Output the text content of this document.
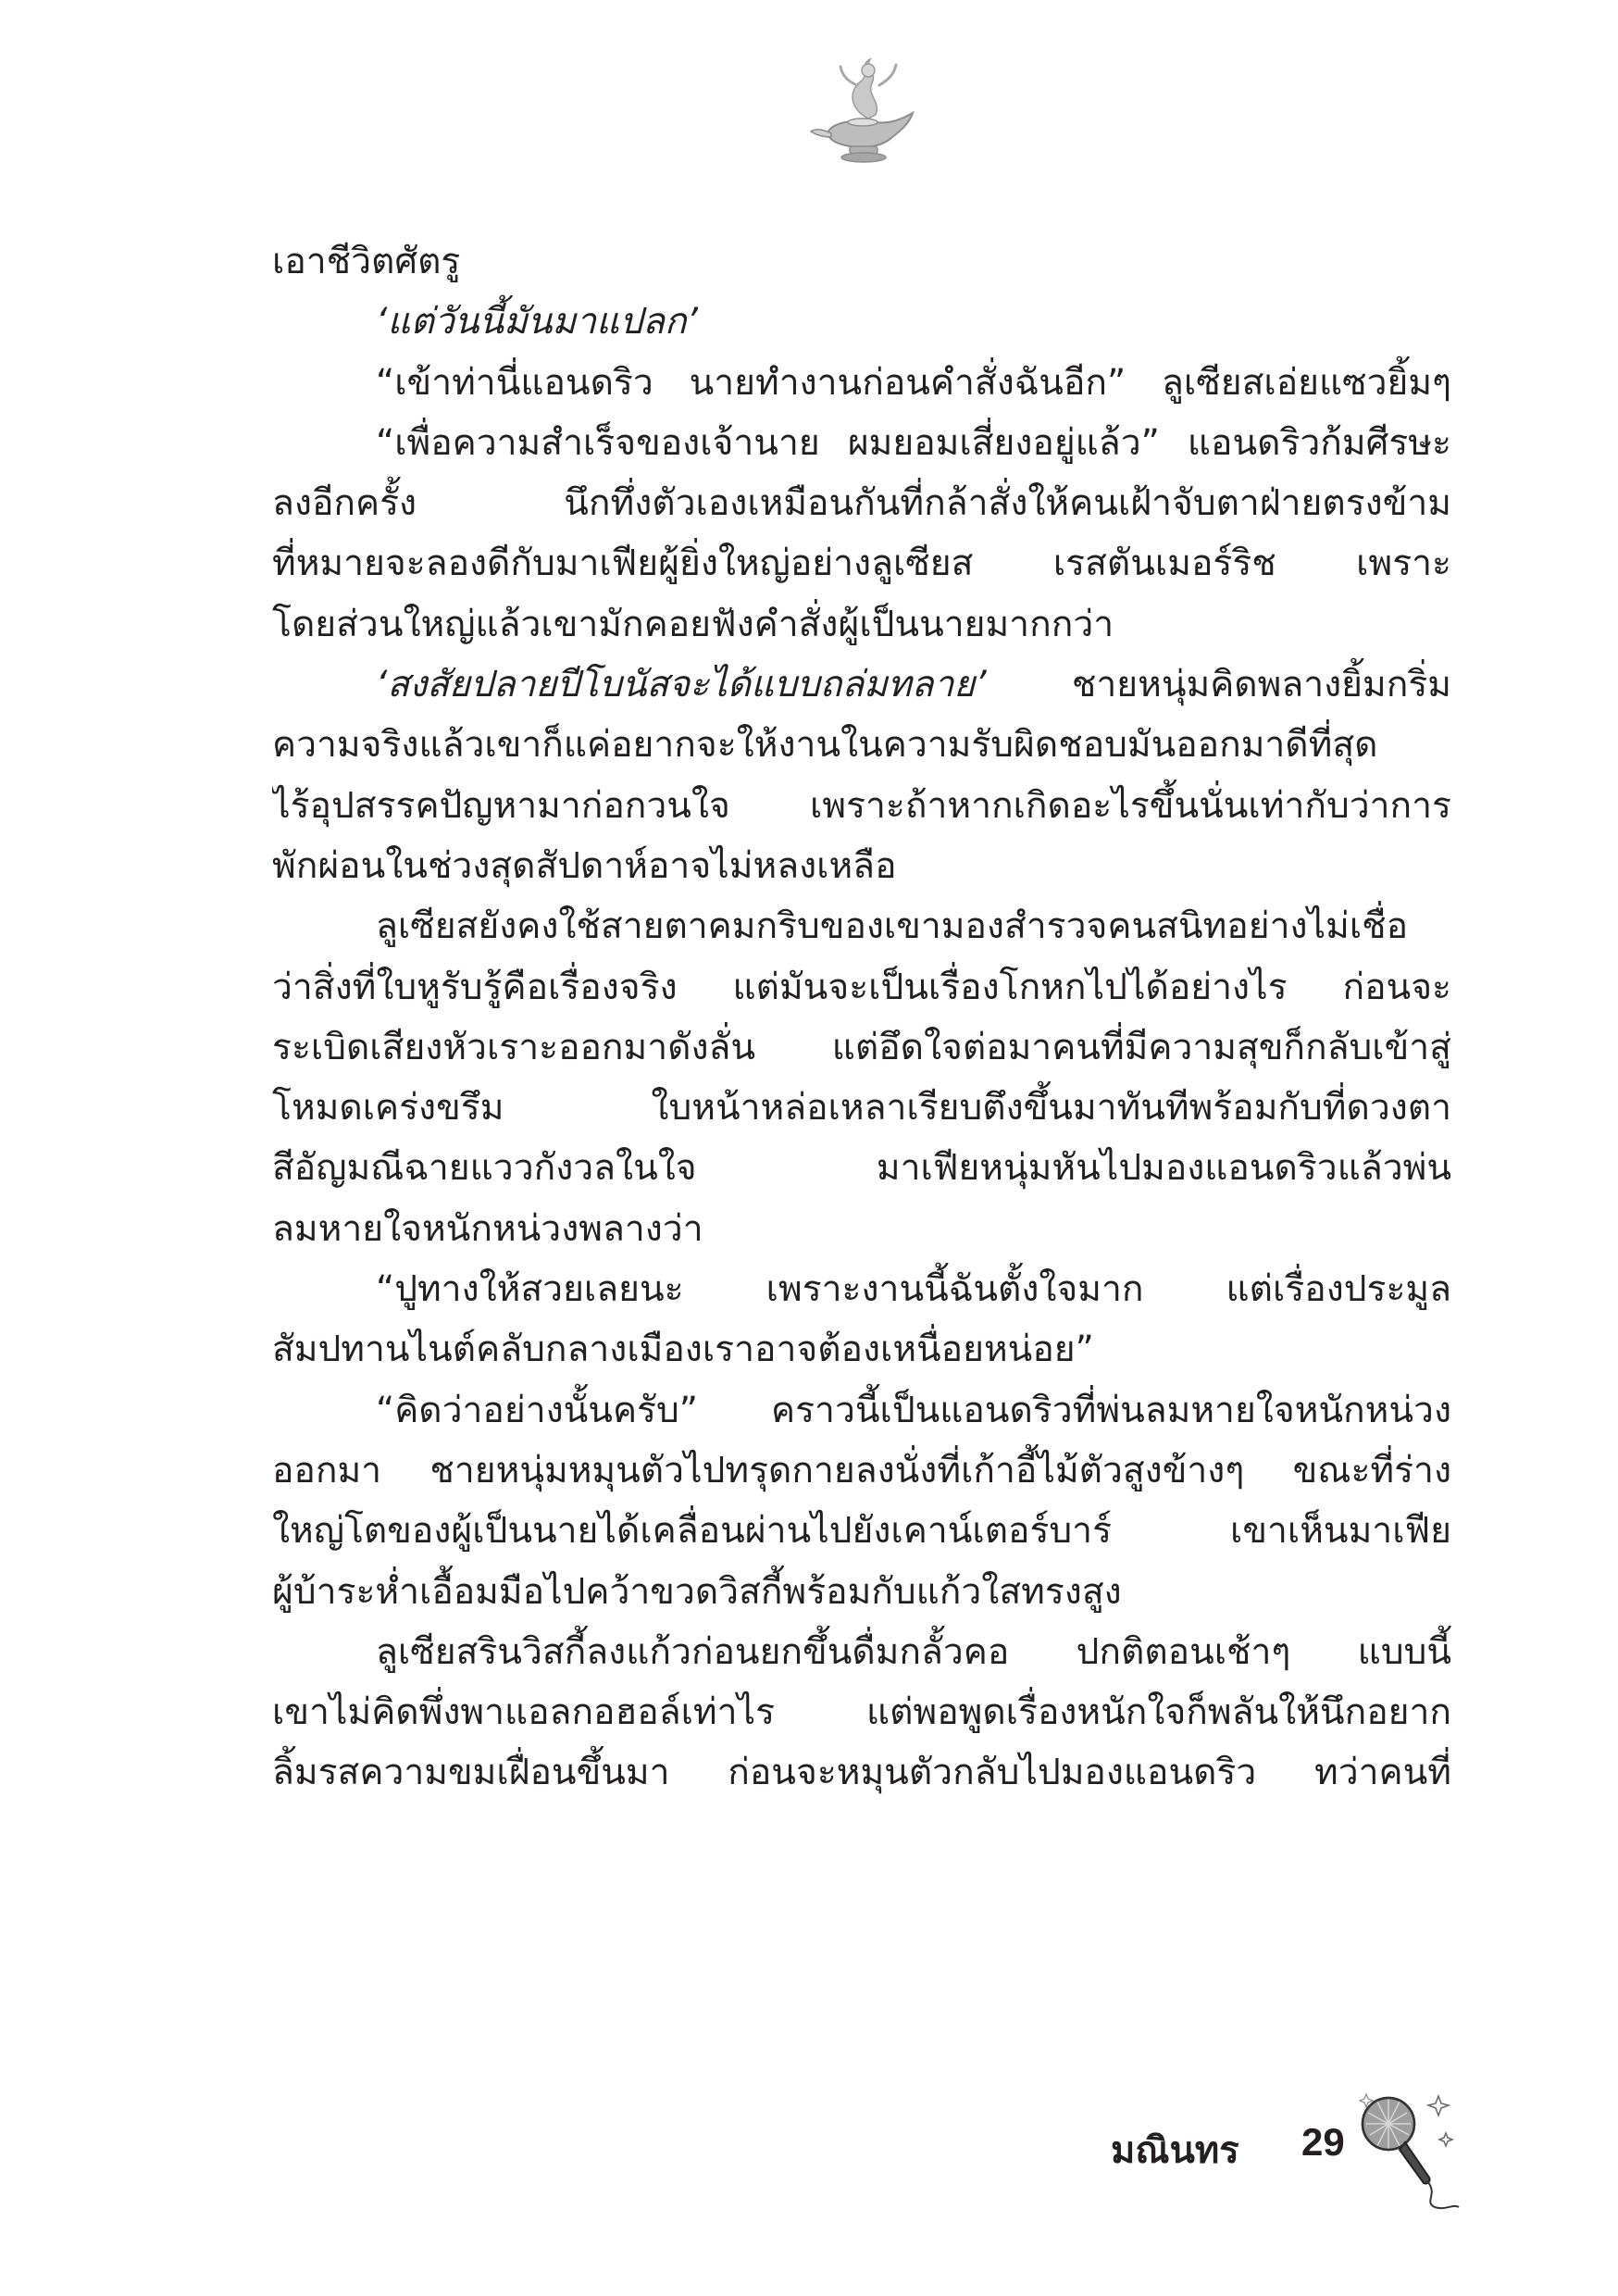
เอาชีวิตศัตรู
‘แต่วันนี้มันมาแปลก’
“เข้าท่านี่แอนดริว นายทำงานก่อนคำสั่งฉันอีก” ลูเซียสเอ่ยแซวยิ้มๆ
“เพื่อความสำเร็จของเจ้านาย ผมยอมเสี่ยงอยู่แล้ว” แอนดริวก้มศีรษะ
ลงอีกครั้ง นึกทึ่งตัวเองเหมือนกันที่กล้าสั่งให้คนเฝ้าจับตาฝ่ายตรงข้าม
ที่หมายจะลองดีกับมาเฟียผู้ยิ่งใหญ่อย่างลูเซียส เรสตันเมอร์ริช เพราะ
โดยส่วนใหญ่แล้วเขามักคอยฟังคำสั่งผู้เป็นนายมากกว่า
‘สงสัยปลายปีโบนัสจะได้แบบถล่มทลาย’ ชายหนุ่มคิดพลางยิ้มกริ่ม
ความจริงแล้วเขาก็แค่อยากจะให้งานในความรับผิดชอบมันออกมาดีที่สุด
ไร้อุปสรรคปัญหามาก่อกวนใจ เพราะถ้าหากเกิดอะไรขึ้นนั่นเท่ากับว่าการ
พักผ่อนในช่วงสุดสัปดาห์อาจไม่หลงเหลือ
ลูเซียสยังคงใช้สายตาคมกริบของเขามองสำรวจคนสนิทอย่างไม่เชื่อ
ว่าสิ่งที่ใบหูรับรู้คือเรื่องจริง แต่มันจะเป็นเรื่องโกหกไปได้อย่างไร ก่อนจะ
ระเบิดเสียงหัวเราะออกมาดังลั่น แต่อึดใจต่อมาคนที่มีความสุขก็กลับเข้าสู่
โหมดเคร่งขรึม ใบหน้าหล่อเหลาเรียบตึงขึ้นมาทันทีพร้อมกับที่ดวงตา
สีอัญมณีฉายแววกังวลในใจ มาเฟียหนุ่มหันไปมองแอนดริวแล้วพ่น
ลมหายใจหนักหน่วงพลางว่า
“ปูทางให้สวยเลยนะ เพราะงานนี้ฉันตั้งใจมาก แต่เรื่องประมูล
สัมปทานไนต์คลับกลางเมืองเราอาจต้องเหนื่อยหน่อย”
“คิดว่าอย่างนั้นครับ” คราวนี้เป็นแอนดริวที่พ่นลมหายใจหนักหน่วง
ออกมา ชายหนุ่มหมุนตัวไปทรุดกายลงนั่งที่เก้าอี้ไม้ตัวสูงข้างๆ ขณะที่ร่าง
ใหญ่โตของผู้เป็นนายได้เคลื่อนผ่านไปยังเคาน์เตอร์บาร์ เขาเห็นมาเฟีย
ผู้บ้าระห่ำเอื้อมมือไปคว้าขวดวิสกี้พร้อมกับแก้วใสทรงสูง
ลูเซียสรินวิสกี้ลงแก้วก่อนยกขึ้นดื่มกลั้วคอ ปกติตอนเช้าๆ แบบนี้
เขาไม่คิดพึ่งพาแอลกอฮอล์เท่าไร แต่พอพูดเรื่องหนักใจก็พลันให้นึกอยาก
ลิ้มรสความขมเฝื่อนขึ้นมา ก่อนจะหมุนตัวกลับไปมองแอนดริว ทว่าคนที่
มณินทร 29
